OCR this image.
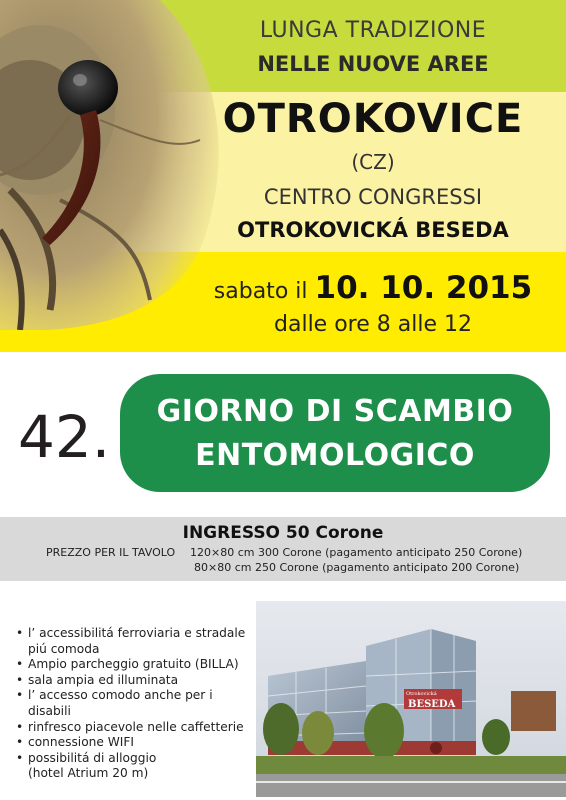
LUNGA TRADIZIONE
NELLE NUOVE AREE
OTROKOVICE
(CZ)
CENTRO CONGRESSI
OTROKOVICKÁ BESEDA
sabato il 10. 10. 2015
dalle ore 8 alle 12
42.	GIORNO DI SCAMBIO
ENTOMOLOGICO
INGRESSO 50 Corone
PREZZO PER IL TAVOLO 120×80 cm 300 Corone (pagamento anticipato 250 Corone)
80×80 cm 250 Corone (pagamento anticipato 200 Corone)
• l’ accessibilitá ferroviaria e stradale
piú comoda
• Ampio parcheggio gratuito (BILLA)
• sala ampia ed illuminata
• l’ accesso comodo anche per i disabili
• rinfresco piacevole nelle caffetterie
• connessione WIFI
• possibilitá di alloggio
(hotel Atrium 20 m)
Otrokovická
BESEDA
